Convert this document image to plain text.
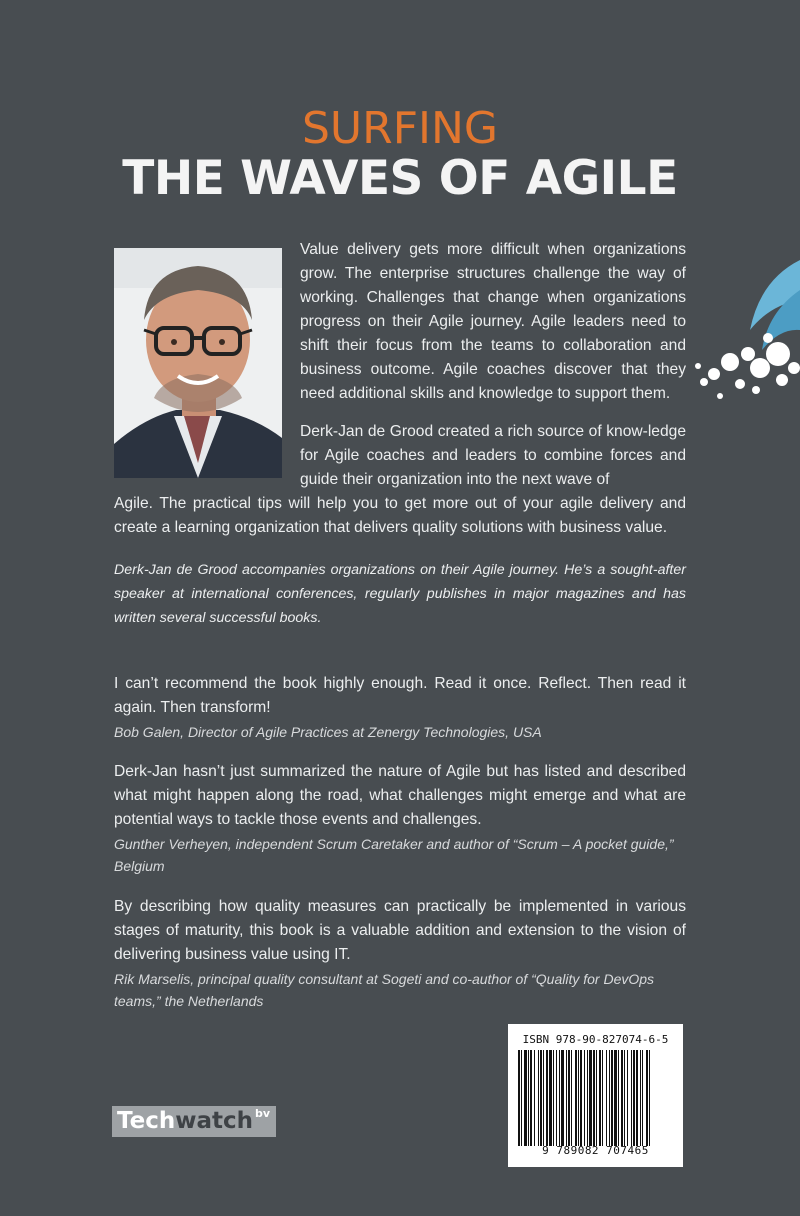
SURFING
THE WAVES OF AGILE

Value delivery gets more difficult when organizations grow. The enterprise structures challenge the way of working. Challenges that change when organizations progress on their Agile journey. Agile leaders need to shift their focus from the teams to collaboration and business outcome. Agile coaches discover that they need additional skills and knowledge to support them.

Derk-Jan de Grood created a rich source of know-ledge for Agile coaches and leaders to combine forces and guide their organization into the next wave of

Agile. The practical tips will help you to get more out of your agile delivery and create a learning organization that delivers quality solutions with business value.

Derk-Jan de Grood accompanies organizations on their Agile journey. He’s a sought-after speaker at international conferences, regularly publishes in major magazines and has written several successful books.

I can’t recommend the book highly enough. Read it once. Reflect. Then read it again. Then transform!

Bob Galen, Director of Agile Practices at Zenergy Technologies, USA

Derk-Jan hasn’t just summarized the nature of Agile but has listed and described what might happen along the road, what challenges might emerge and what are potential ways to tackle those events and challenges.

Gunther Verheyen, independent Scrum Caretaker and author of “Scrum – A pocket guide,” Belgium

By describing how quality measures can practically be implemented in various stages of maturity, this book is a valuable addition and extension to the vision of delivering business value using IT.

Rik Marselis, principal quality consultant at Sogeti and co-author of “Quality for DevOps teams,” the Netherlands

Tech watch bv
ISBN 978-90-827074-6-5
9 789082 707465
